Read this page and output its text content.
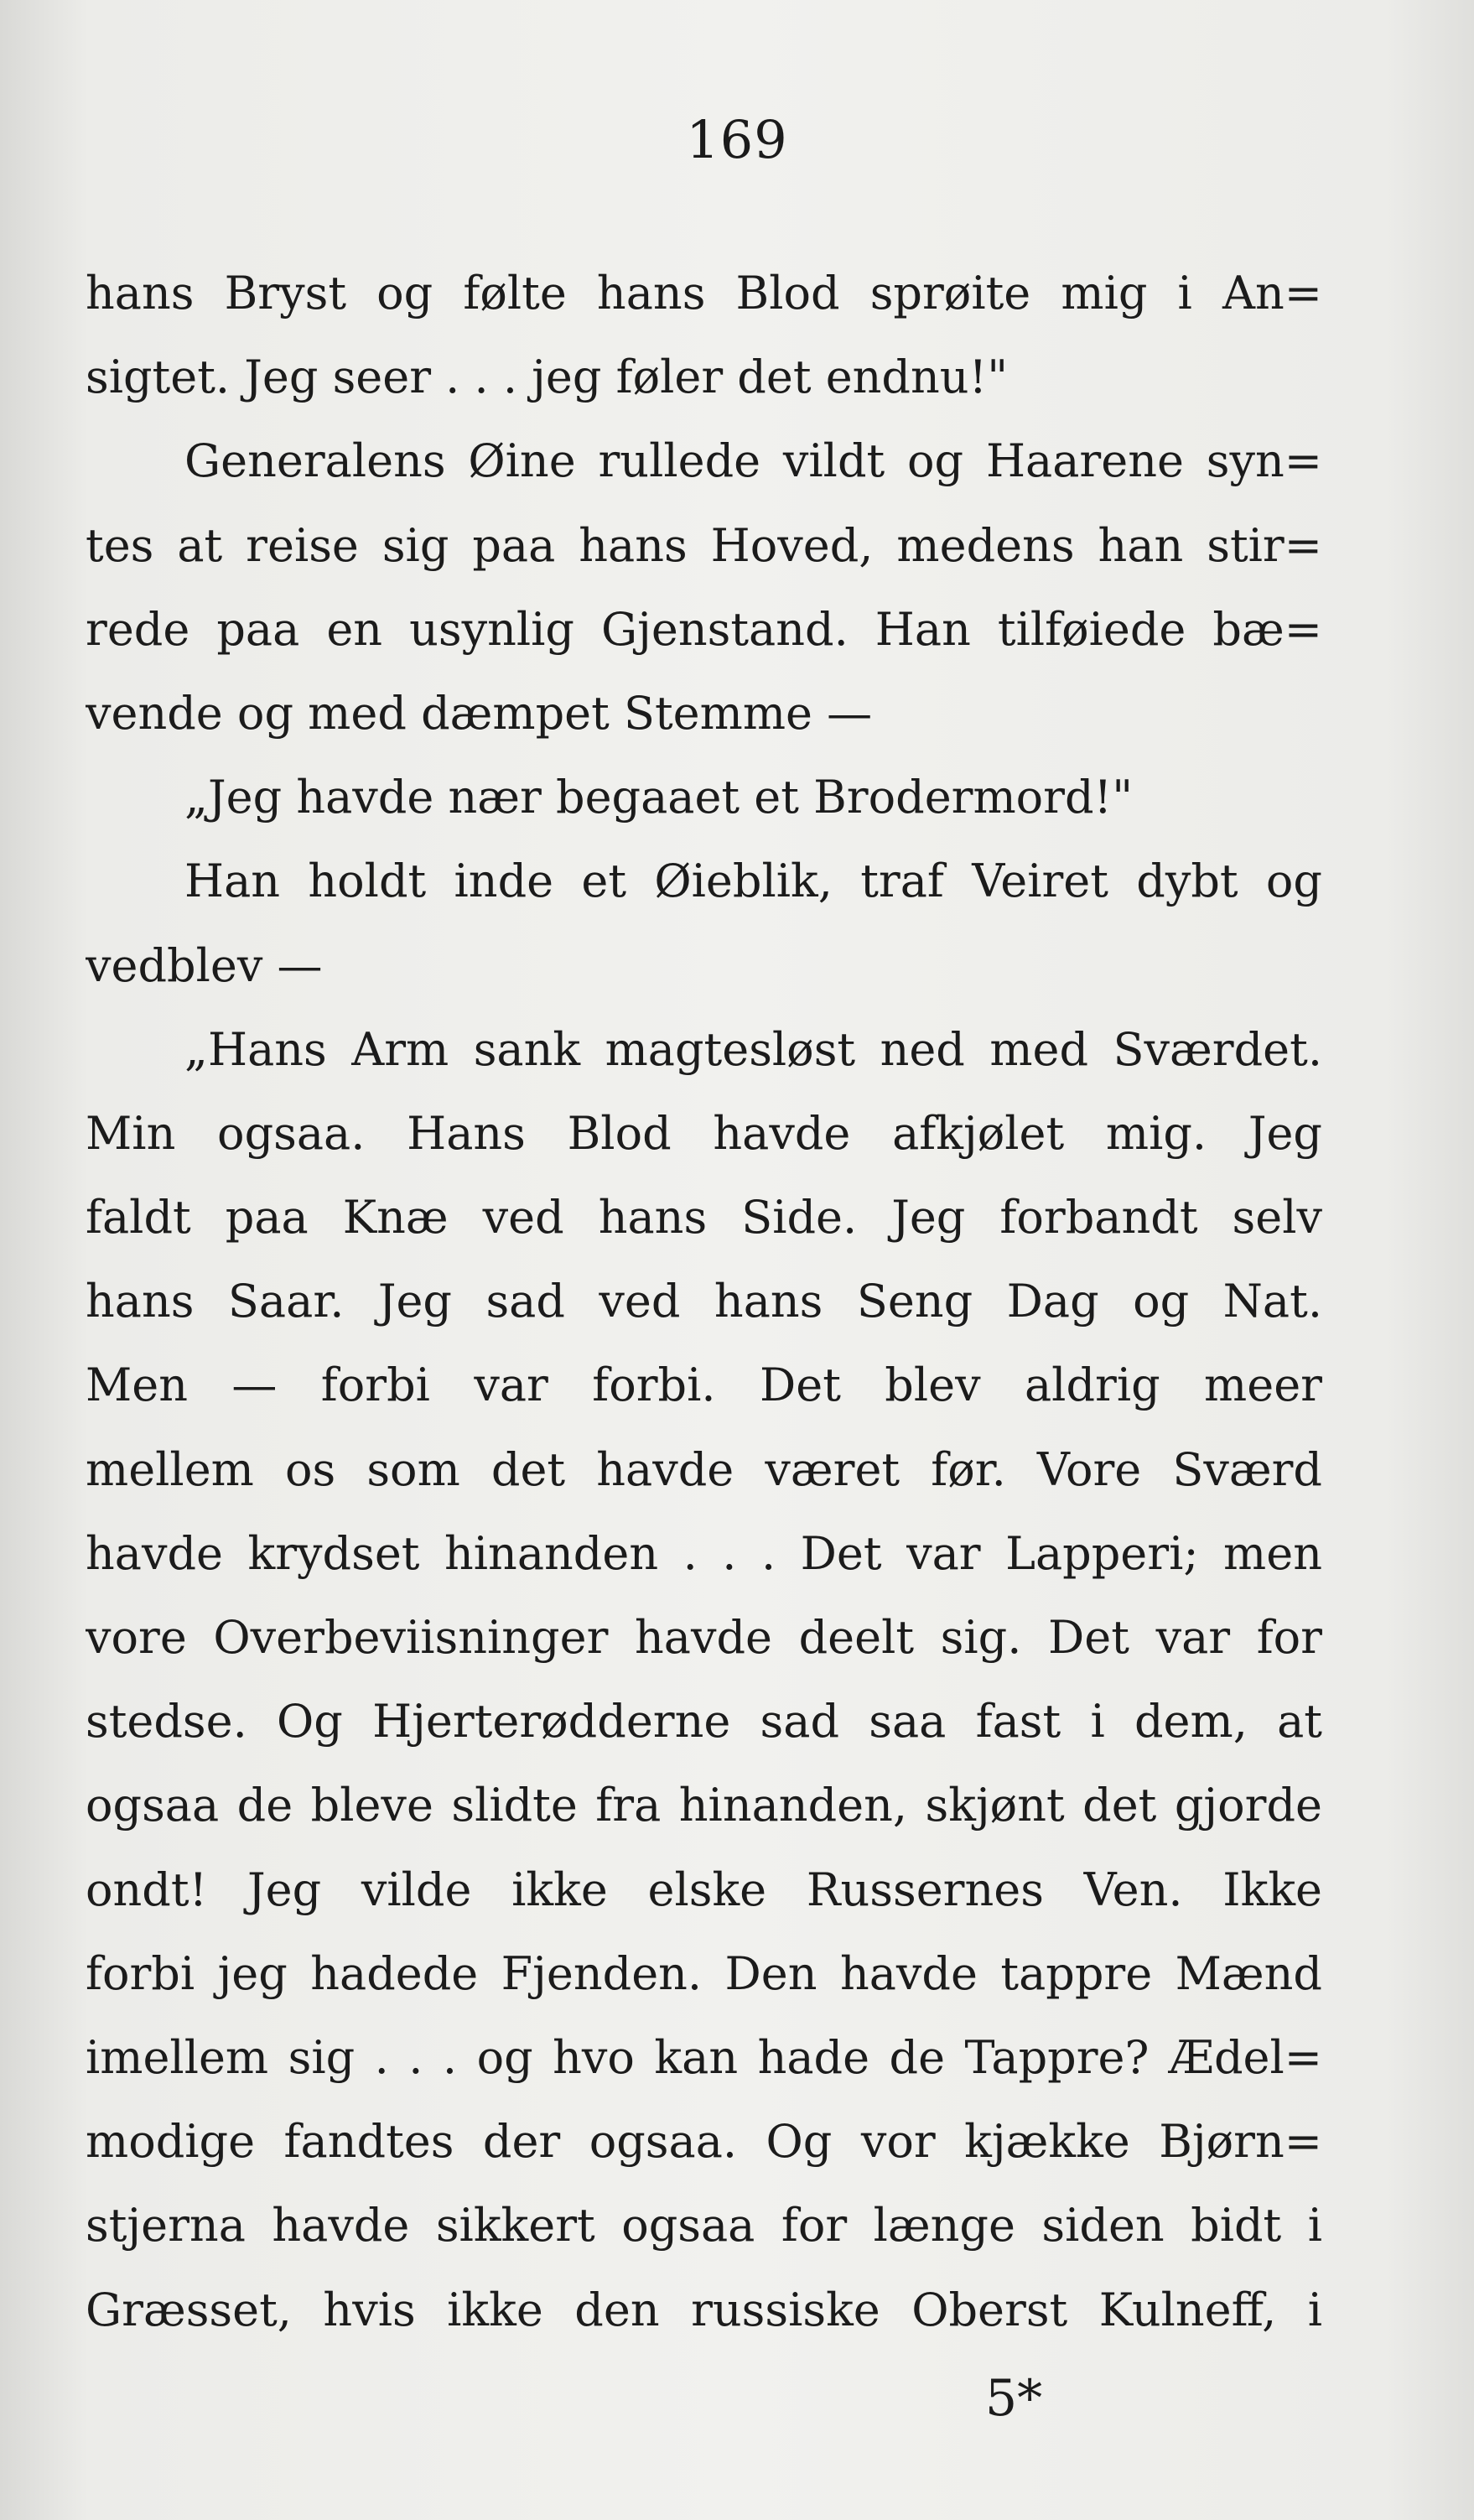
169
hans Bryst og følte hans Blod sprøite mig i An=
sigtet. Jeg seer . . . jeg føler det endnu!"
Generalens Øine rullede vildt og Haarene syn=
tes at reise sig paa hans Hoved, medens han stir=
rede paa en usynlig Gjenstand. Han tilføiede bæ=
vende og med dæmpet Stemme —
„Jeg havde nær begaaet et Brodermord!"
Han holdt inde et Øieblik, traf Veiret dybt og
vedblev —
„Hans Arm sank magtesløst ned med Sværdet.
Min ogsaa. Hans Blod havde afkjølet mig. Jeg
faldt paa Knæ ved hans Side. Jeg forbandt selv
hans Saar. Jeg sad ved hans Seng Dag og Nat.
Men — forbi var forbi. Det blev aldrig meer
mellem os som det havde været før. Vore Sværd
havde krydset hinanden . . . Det var Lapperi; men
vore Overbeviisninger havde deelt sig. Det var for
stedse. Og Hjerterødderne sad saa fast i dem, at
ogsaa de bleve slidte fra hinanden, skjønt det gjorde
ondt! Jeg vilde ikke elske Russernes Ven. Ikke
forbi jeg hadede Fjenden. Den havde tappre Mænd
imellem sig . . . og hvo kan hade de Tappre? Ædel=
modige fandtes der ogsaa. Og vor kjække Bjørn=
stjerna havde sikkert ogsaa for længe siden bidt i
Græsset, hvis ikke den russiske Oberst Kulneff, i
5*
